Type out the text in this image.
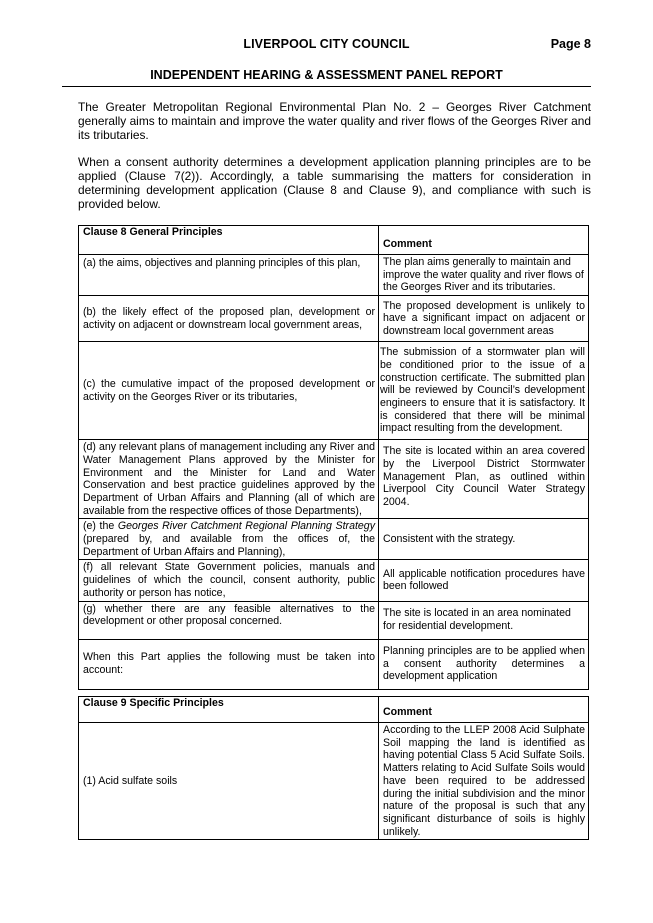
LIVERPOOL CITY COUNCIL	Page 8
INDEPENDENT HEARING & ASSESSMENT PANEL REPORT

The Greater Metropolitan Regional Environmental Plan No. 2 – Georges River Catchment generally aims to maintain and improve the water quality and river flows of the Georges River and its tributaries.

When a consent authority determines a development application planning principles are to be applied (Clause 7(2)). Accordingly, a table summarising the matters for consideration in determining development application (Clause 8 and Clause 9), and compliance with such is provided below.

Clause 8 General Principles	Comment
(a) the aims, objectives and planning principles of this plan,	The plan aims generally to maintain and improve the water quality and river flows of the Georges River and its tributaries.
(b) the likely effect of the proposed plan, development or activity on adjacent or downstream local government areas,	The proposed development is unlikely to have a significant impact on adjacent or downstream local government areas
(c) the cumulative impact of the proposed development or activity on the Georges River or its tributaries,	The submission of a stormwater plan will be conditioned prior to the issue of a construction certificate. The submitted plan will be reviewed by Council’s development engineers to ensure that it is satisfactory. It is considered that there will be minimal impact resulting from the development.
(d) any relevant plans of management including any River and Water Management Plans approved by the Minister for Environment and the Minister for Land and Water Conservation and best practice guidelines approved by the Department of Urban Affairs and Planning (all of which are available from the respective offices of those Departments),	The site is located within an area covered by the Liverpool District Stormwater Management Plan, as outlined within Liverpool City Council Water Strategy 2004.
(e) the Georges River Catchment Regional Planning Strategy (prepared by, and available from the offices of, the Department of Urban Affairs and Planning),	Consistent with the strategy.
(f) all relevant State Government policies, manuals and guidelines of which the council, consent authority, public authority or person has notice,	All applicable notification procedures have been followed
(g) whether there are any feasible alternatives to the development or other proposal concerned.	The site is located in an area nominated for residential development.
When this Part applies the following must be taken into account:	Planning principles are to be applied when a consent authority determines a development application
Clause 9 Specific Principles	Comment
(1) Acid sulfate soils	According to the LLEP 2008 Acid Sulphate Soil mapping the land is identified as having potential Class 5 Acid Sulfate Soils. Matters relating to Acid Sulfate Soils would have been required to be addressed during the initial subdivision and the minor nature of the proposal is such that any significant disturbance of soils is highly unlikely.
